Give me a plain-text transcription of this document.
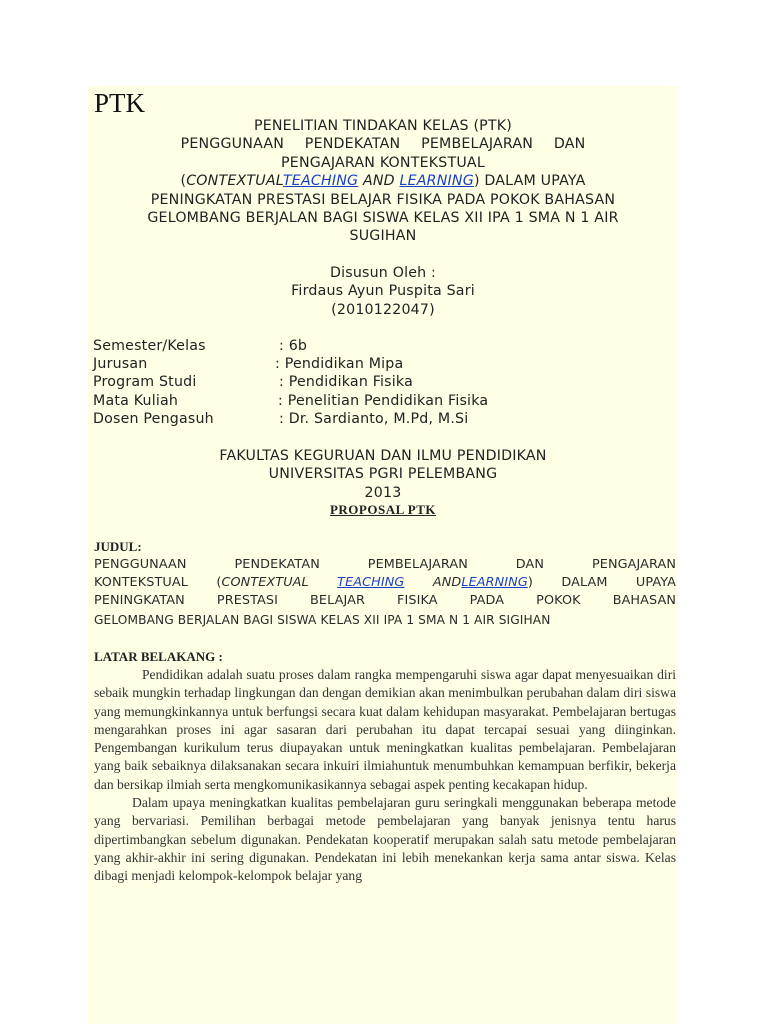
PTK
PENELITIAN TINDAKAN KELAS (PTK)
PENGGUNAAN PENDEKATAN PEMBELAJARAN DAN
PENGAJARAN KONTEKSTUAL
(CONTEXTUALTEACHING AND LEARNING) DALAM UPAYA
PENINGKATAN PRESTASI BELAJAR FISIKA PADA POKOK BAHASAN
GELOMBANG BERJALAN BAGI SISWA KELAS XII IPA 1 SMA N 1 AIR
SUGIHAN
Disusun Oleh :
Firdaus Ayun Puspita Sari
(2010122047)
Semester/Kelas	: 6b
Jurusan	: Pendidikan Mipa
Program Studi	: Pendidikan Fisika
Mata Kuliah	: Penelitian Pendidikan Fisika
Dosen Pengasuh	: Dr. Sardianto, M.Pd, M.Si
FAKULTAS KEGURUAN DAN ILMU PENDIDIKAN
UNIVERSITAS PGRI PELEMBANG
2013
PROPOSAL PTK
JUDUL:
PENGGUNAAN PENDEKATAN PEMBELAJARAN DAN PENGAJARAN
KONTEKSTUAL (CONTEXTUAL TEACHING ANDLEARNING) DALAM UPAYA
PENINGKATAN PRESTASI BELAJAR FISIKA PADA POKOK BAHASAN
GELOMBANG BERJALAN BAGI SISWA KELAS XII IPA 1 SMA N 1 AIR SIGIHAN
LATAR BELAKANG :

Pendidikan adalah suatu proses dalam rangka mempengaruhi siswa agar dapat menyesuaikan diri sebaik mungkin terhadap lingkungan dan dengan demikian akan menimbulkan perubahan dalam diri siswa yang memungkinkannya untuk berfungsi secara kuat dalam kehidupan masyarakat. Pembelajaran bertugas mengarahkan proses ini agar sasaran dari perubahan itu dapat tercapai sesuai yang diinginkan. Pengembangan kurikulum terus diupayakan untuk meningkatkan kualitas pembelajaran. Pembelajaran yang baik sebaiknya dilaksanakan secara inkuiri ilmiahuntuk menumbuhkan kemampuan berfikir, bekerja dan bersikap ilmiah serta mengkomunikasikannya sebagai aspek penting kecakapan hidup.

Dalam upaya meningkatkan kualitas pembelajaran guru seringkali menggunakan beberapa metode yang bervariasi. Pemilihan berbagai metode pembelajaran yang banyak jenisnya tentu harus dipertimbangkan sebelum digunakan. Pendekatan kooperatif merupakan salah satu metode pembelajaran yang akhir-akhir ini sering digunakan. Pendekatan ini lebih menekankan kerja sama antar siswa. Kelas dibagi menjadi kelompok-kelompok belajar yang
